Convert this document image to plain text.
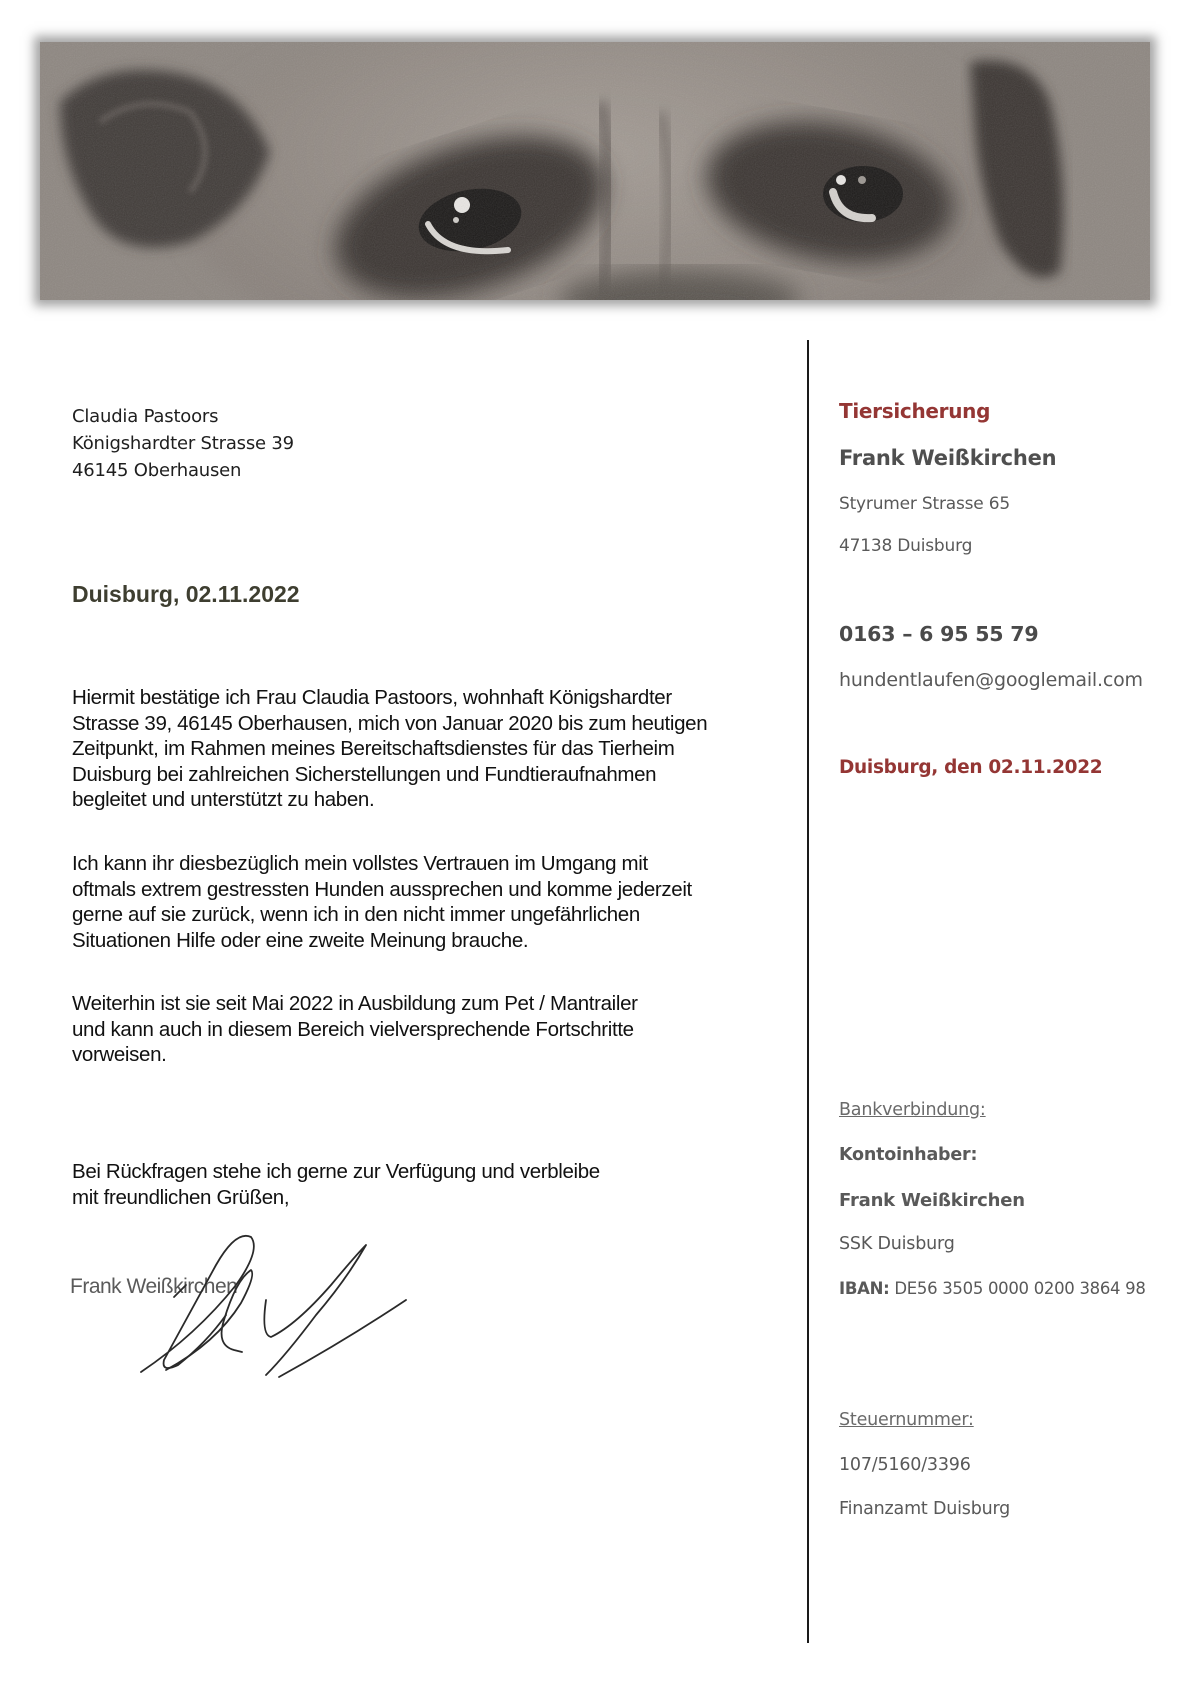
Claudia Pastoors
Königshardter Strasse 39
46145 Oberhausen
Duisburg, 02.11.2022
Hiermit bestätige ich Frau Claudia Pastoors, wohnhaft Königshardter
Strasse 39, 46145 Oberhausen, mich von Januar 2020 bis zum heutigen
Zeitpunkt, im Rahmen meines Bereitschaftsdienstes für das Tierheim
Duisburg bei zahlreichen Sicherstellungen und Fundtieraufnahmen
begleitet und unterstützt zu haben.
Ich kann ihr diesbezüglich mein vollstes Vertrauen im Umgang mit
oftmals extrem gestressten Hunden aussprechen und komme jederzeit
gerne auf sie zurück, wenn ich in den nicht immer ungefährlichen
Situationen Hilfe oder eine zweite Meinung brauche.
Weiterhin ist sie seit Mai 2022 in Ausbildung zum Pet / Mantrailer
und kann auch in diesem Bereich vielversprechende Fortschritte
vorweisen.
Bei Rückfragen stehe ich gerne zur Verfügung und verbleibe
mit freundlichen Grüßen,
Frank Weißkirchen
Tiersicherung
Frank Weißkirchen
Styrumer Strasse 65
47138 Duisburg
0163 – 6 95 55 79
hundentlaufen@googlemail.com
Duisburg, den 02.11.2022
Bankverbindung:
Kontoinhaber:
Frank Weißkirchen
SSK Duisburg
IBAN: DE56 3505 0000 0200 3864 98
Steuernummer:
107/5160/3396
Finanzamt Duisburg
